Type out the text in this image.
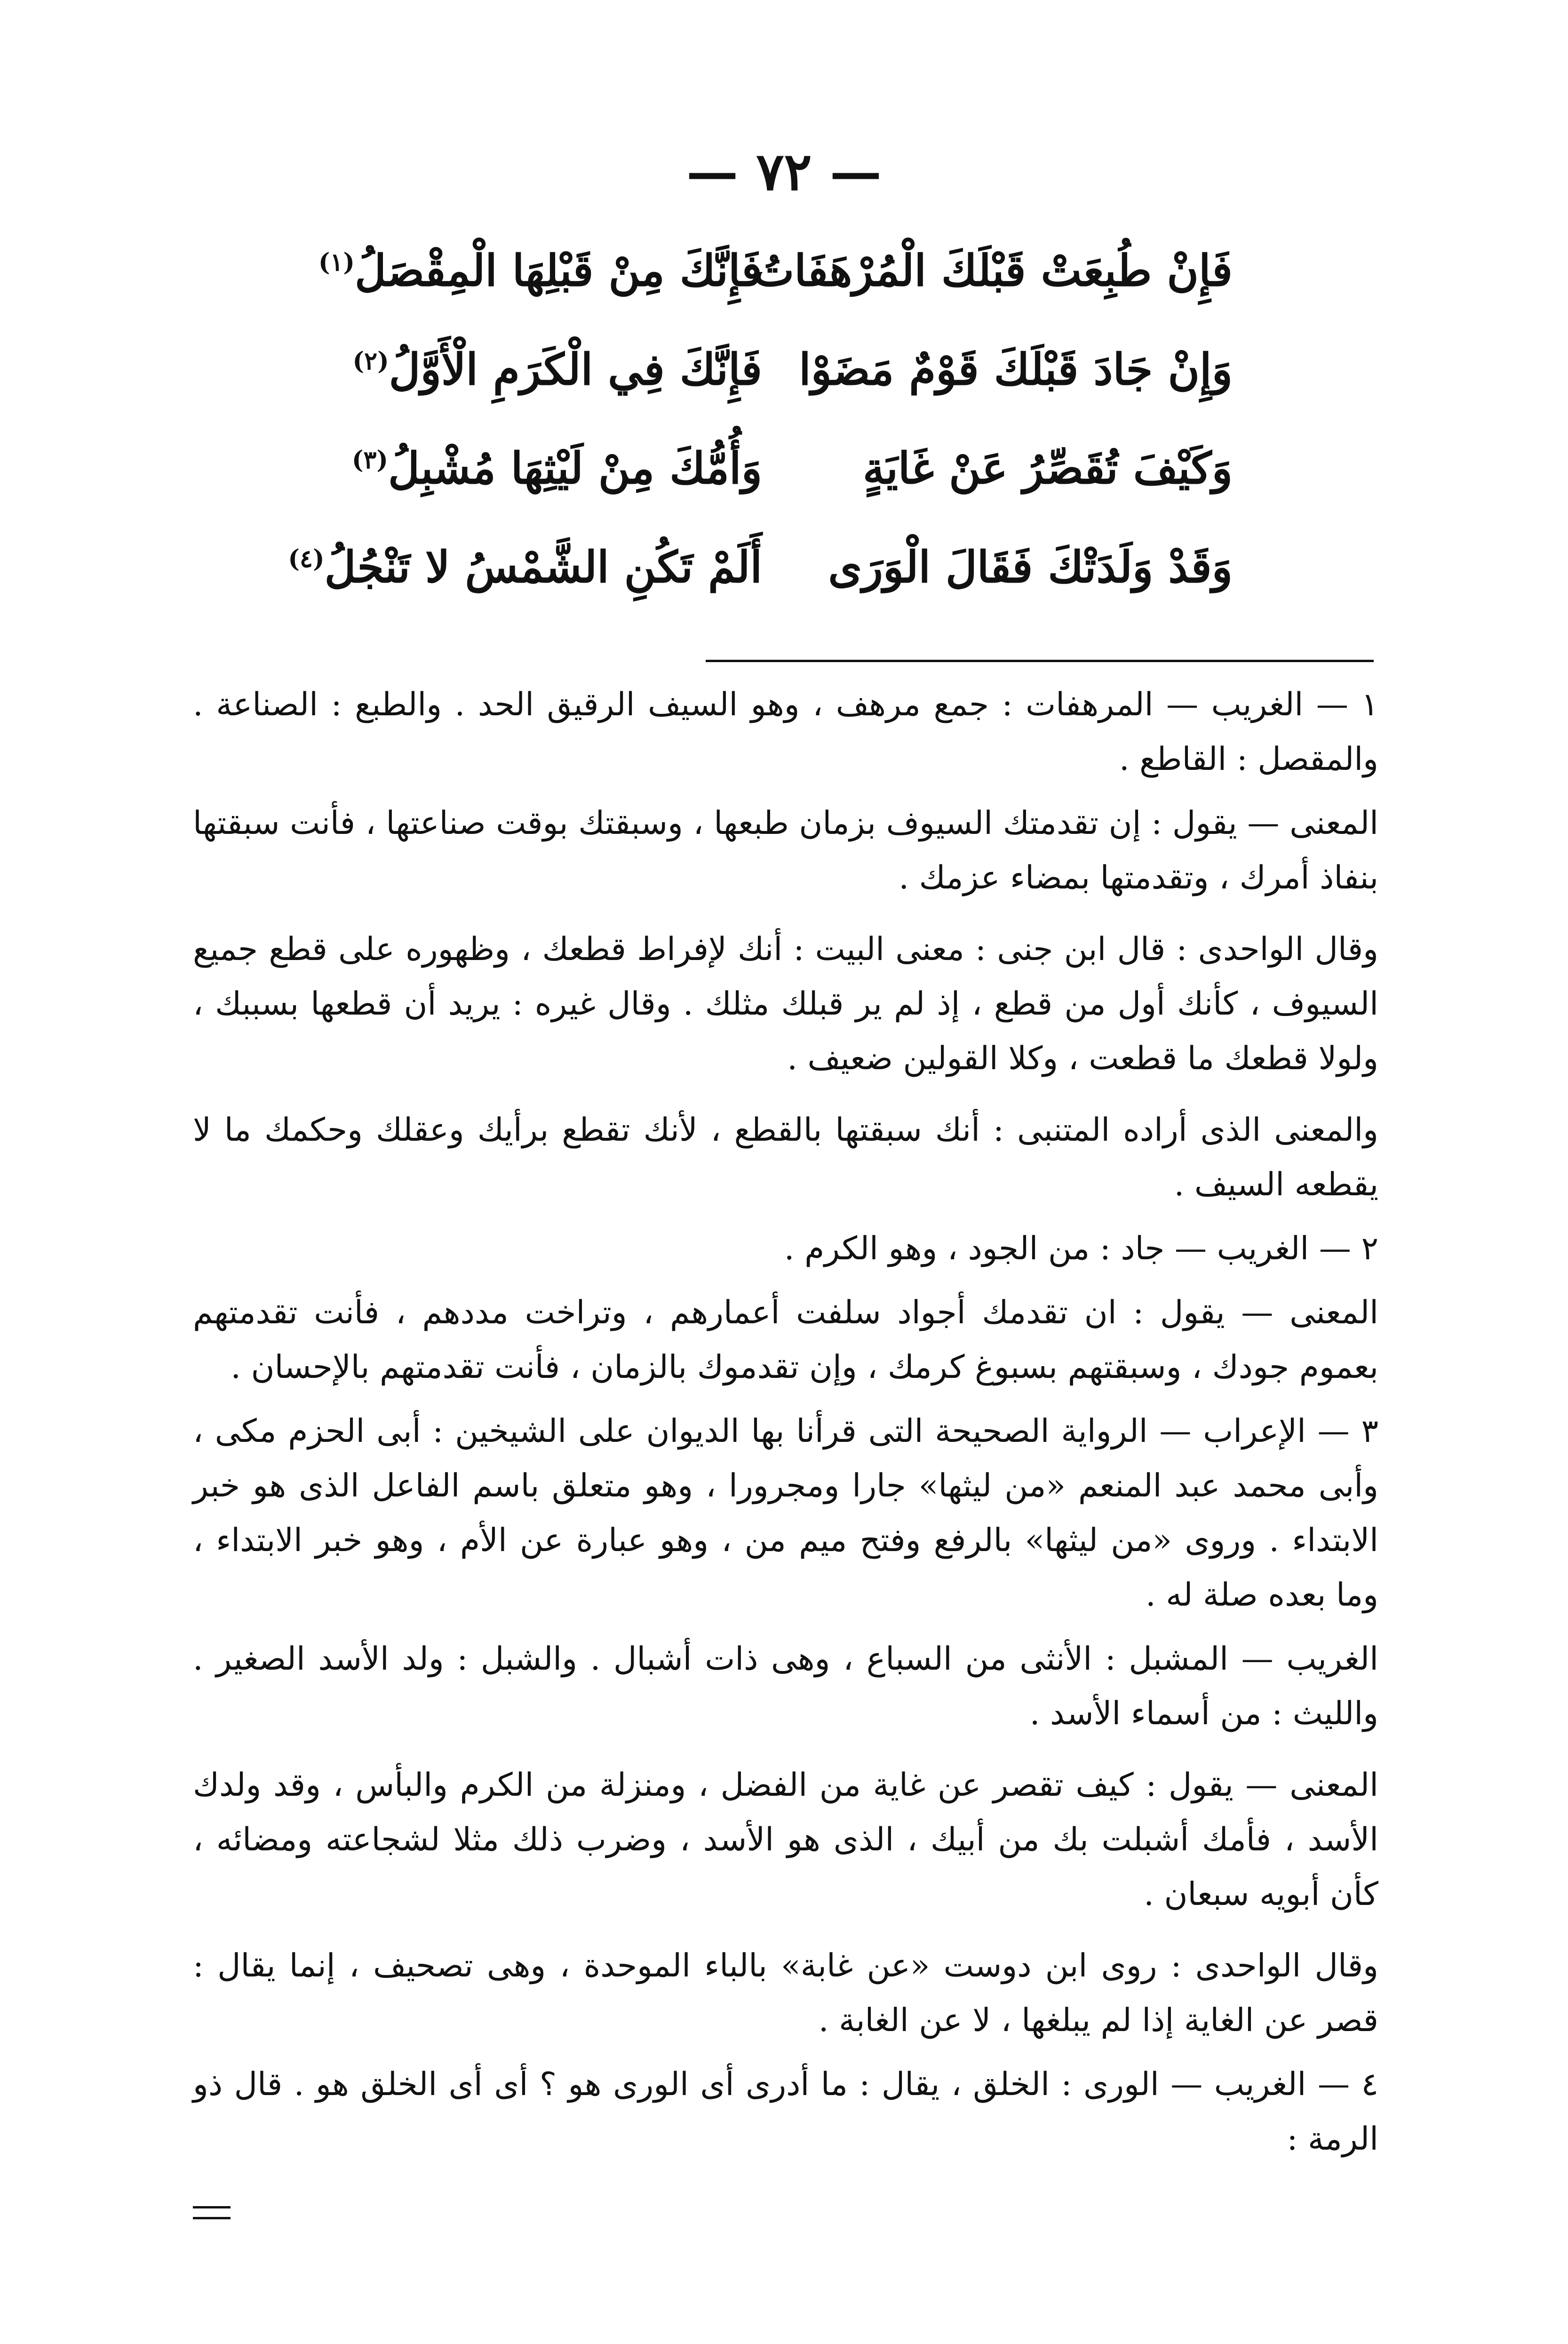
— ٧٢ —
فَإِنْ طُبِعَتْ قَبْلَكَ الْمُرْهَفَاتُ
فَإِنَّكَ مِنْ قَبْلِهَا الْمِقْصَلُ$^{(١)}$
وَإِنْ جَادَ قَبْلَكَ قَوْمٌ مَضَوْا
فَإِنَّكَ فِي الْكَرَمِ الْأَوَّلُ$^{(٢)}$
وَكَيْفَ تُقَصِّرُ عَنْ غَايَةٍ
وَأُمُّكَ مِنْ لَيْثِهَا مُشْبِلُ$^{(٣)}$
وَقَدْ وَلَدَتْكَ فَقَالَ الْوَرَى
أَلَمْ تَكُنِ الشَّمْسُ لا تَنْجُلُ$^{(٤)}$

١ — الغريب — المرهفات : جمع مرهف ، وهو السيف الرقيق الحد . والطبع : الصناعة . والمقصل : القاطع .

المعنى — يقول : إن تقدمتك السيوف بزمان طبعها ، وسبقتك بوقت صناعتها ، فأنت سبقتها بنفاذ أمرك ، وتقدمتها بمضاء عزمك .

وقال الواحدى : قال ابن جنى : معنى البيت : أنك لإفراط قطعك ، وظهوره على قطع جميع السيوف ، كأنك أول من قطع ، إذ لم ير قبلك مثلك . وقال غيره : يريد أن قطعها بسببك ، ولولا قطعك ما قطعت ، وكلا القولين ضعيف .

والمعنى الذى أراده المتنبى : أنك سبقتها بالقطع ، لأنك تقطع برأيك وعقلك وحكمك ما لا يقطعه السيف .

٢ — الغريب — جاد : من الجود ، وهو الكرم .

المعنى — يقول : ان تقدمك أجواد سلفت أعمارهم ، وتراخت مددهم ، فأنت تقدمتهم بعموم جودك ، وسبقتهم بسبوغ كرمك ، وإن تقدموك بالزمان ، فأنت تقدمتهم بالإحسان .

٣ — الإعراب — الرواية الصحيحة التى قرأنا بها الديوان على الشيخين : أبى الحزم مكى ، وأبى محمد عبد المنعم «من ليثها» جارا ومجرورا ، وهو متعلق باسم الفاعل الذى هو خبر الابتداء . وروى «من ليثها» بالرفع وفتح ميم من ، وهو عبارة عن الأم ، وهو خبر الابتداء ، وما بعده صلة له .

الغريب — المشبل : الأنثى من السباع ، وهى ذات أشبال . والشبل : ولد الأسد الصغير . والليث : من أسماء الأسد .

المعنى — يقول : كيف تقصر عن غاية من الفضل ، ومنزلة من الكرم والبأس ، وقد ولدك الأسد ، فأمك أشبلت بك من أبيك ، الذى هو الأسد ، وضرب ذلك مثلا لشجاعته ومضائه ، كأن أبويه سبعان .

وقال الواحدى : روى ابن دوست «عن غابة» بالباء الموحدة ، وهى تصحيف ، إنما يقال : قصر عن الغاية إذا لم يبلغها ، لا عن الغابة .

٤ — الغريب — الورى : الخلق ، يقال : ما أدرى أى الورى هو ؟ أى أى الخلق هو . قال ذو الرمة :
